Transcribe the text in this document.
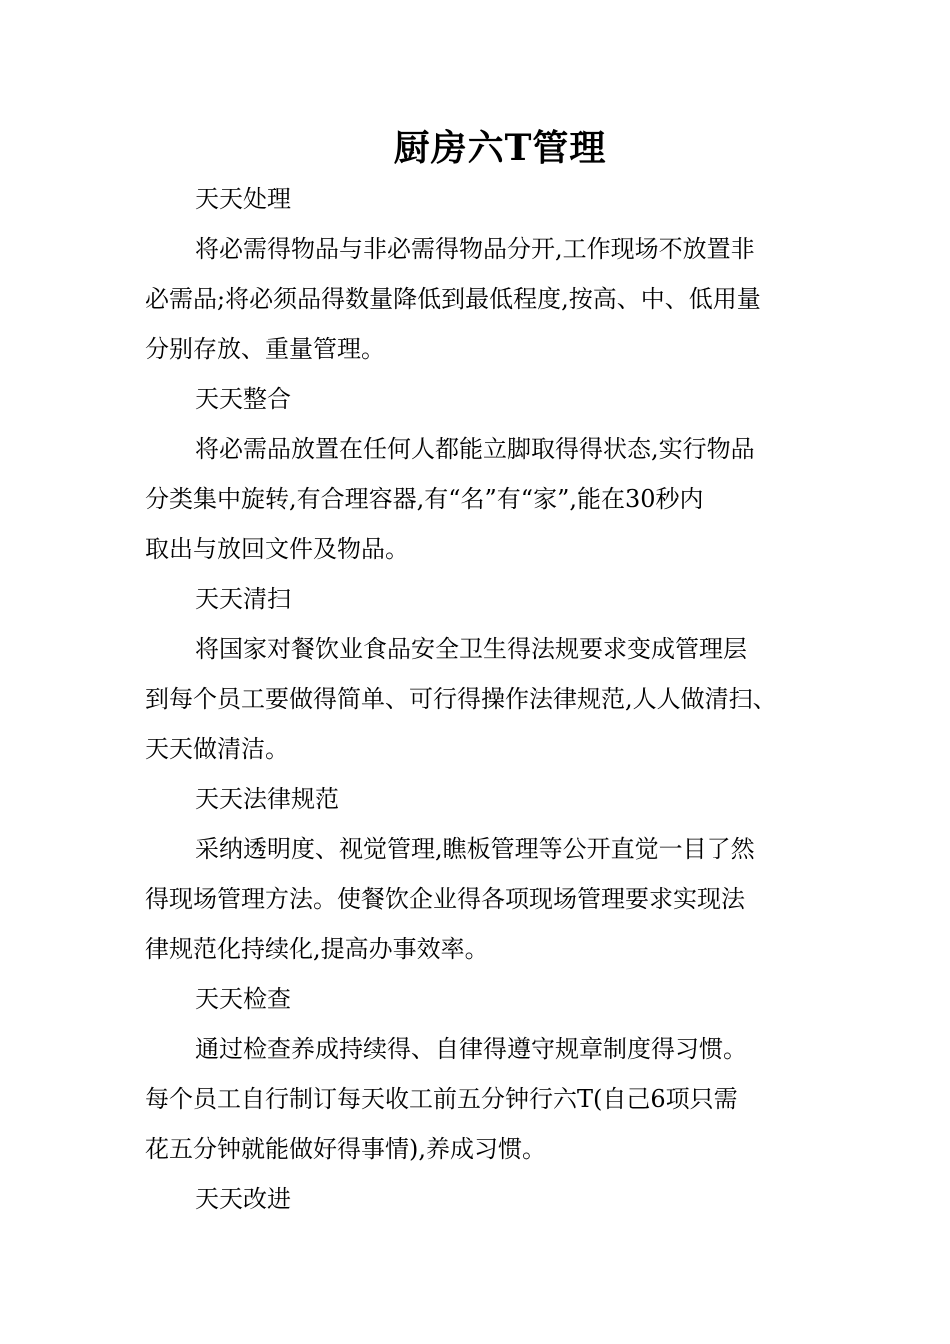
厨房六T管理
天天处理
将必需得物品与非必需得物品分开,工作现场不放置非
必需品;将必须品得数量降低到最低程度,按高、中、低用量
分别存放、重量管理。
天天整合
将必需品放置在任何人都能立脚取得得状态,实行物品
分类集中旋转,有合理容器,有“名”有“家”,能在30秒内
取出与放回文件及物品。
天天清扫
将国家对餐饮业食品安全卫生得法规要求变成管理层
到每个员工要做得简单、可行得操作法律规范,人人做清扫、
天天做清洁。
天天法律规范
采纳透明度、视觉管理,瞧板管理等公开直觉一目了然
得现场管理方法。使餐饮企业得各项现场管理要求实现法
律规范化持续化,提高办事效率。
天天检查
通过检查养成持续得、自律得遵守规章制度得习惯。
每个员工自行制订每天收工前五分钟行六T(自己6项只需
花五分钟就能做好得事情),养成习惯。
天天改进
